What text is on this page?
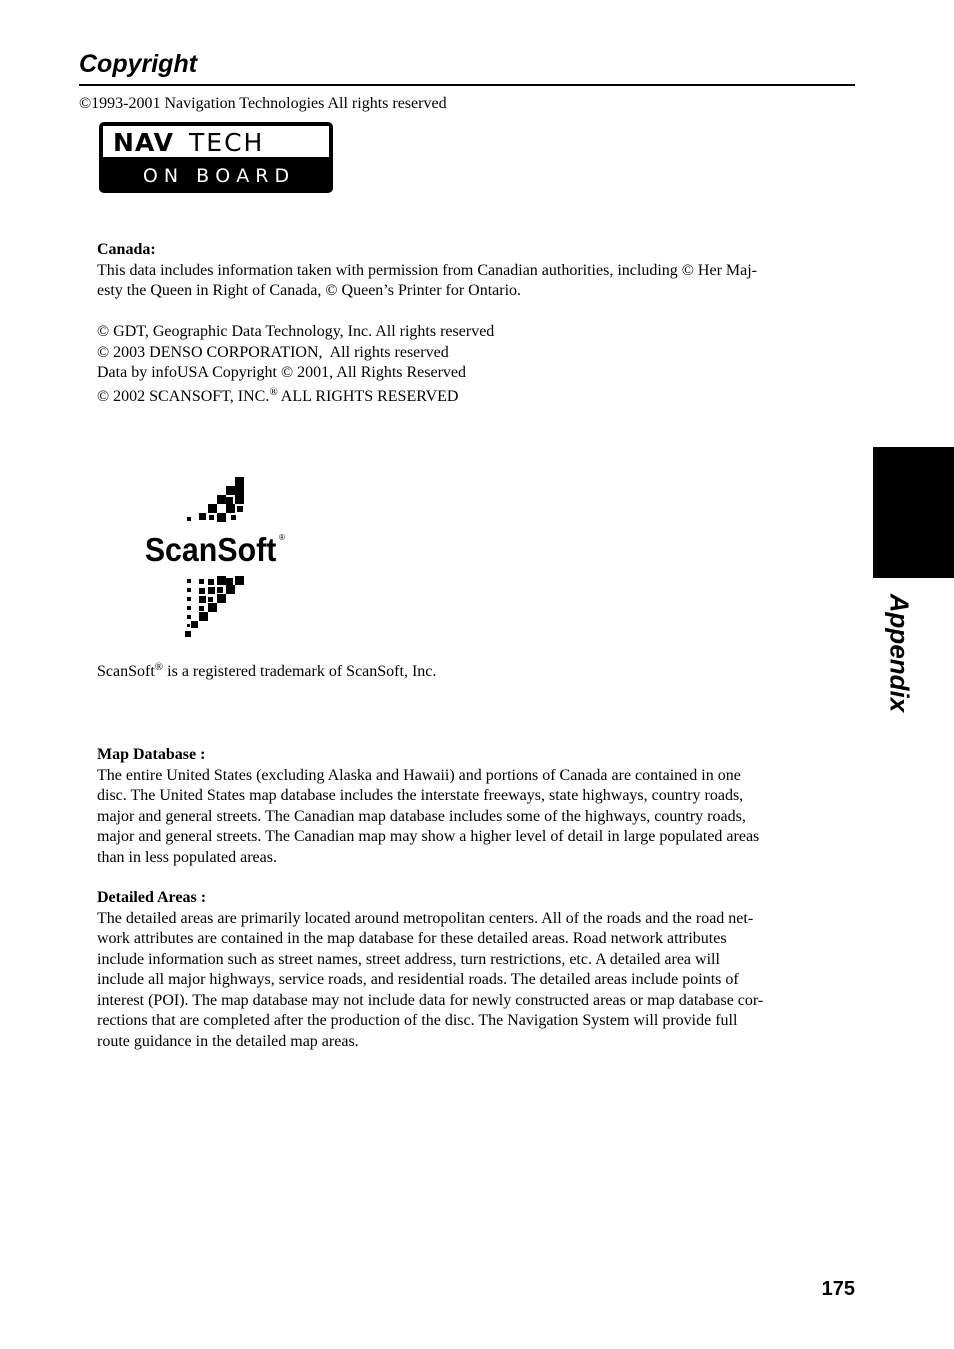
Copyright
©1993-2001 Navigation Technologies All rights reserved
NAV TECH
O N   B O A R D
Canada:
This data includes information taken with permission from Canadian authorities, including © Her Maj-
esty the Queen in Right of Canada, © Queen’s Printer for Ontario.
© GDT, Geographic Data Technology, Inc. All rights reserved
© 2003 DENSO CORPORATION,  All rights reserved
Data by infoUSA Copyright © 2001, All Rights Reserved
© 2002 SCANSOFT, INC.® ALL RIGHTS RESERVED
ScanSoft ®
ScanSoft® is a registered trademark of ScanSoft, Inc.
Map Database :
The entire United States (excluding Alaska and Hawaii) and portions of Canada are contained in one
disc. The United States map database includes the interstate freeways, state highways, country roads,
major and general streets. The Canadian map database includes some of the highways, country roads,
major and general streets. The Canadian map may show a higher level of detail in large populated areas
than in less populated areas.
Detailed Areas :
The detailed areas are primarily located around metropolitan centers. All of the roads and the road net-
work attributes are contained in the map database for these detailed areas. Road network attributes
include information such as street names, street address, turn restrictions, etc. A detailed area will
include all major highways, service roads, and residential roads. The detailed areas include points of
interest (POI). The map database may not include data for newly constructed areas or map database cor-
rections that are completed after the production of the disc. The Navigation System will provide full
route guidance in the detailed map areas.
Appendix
175
